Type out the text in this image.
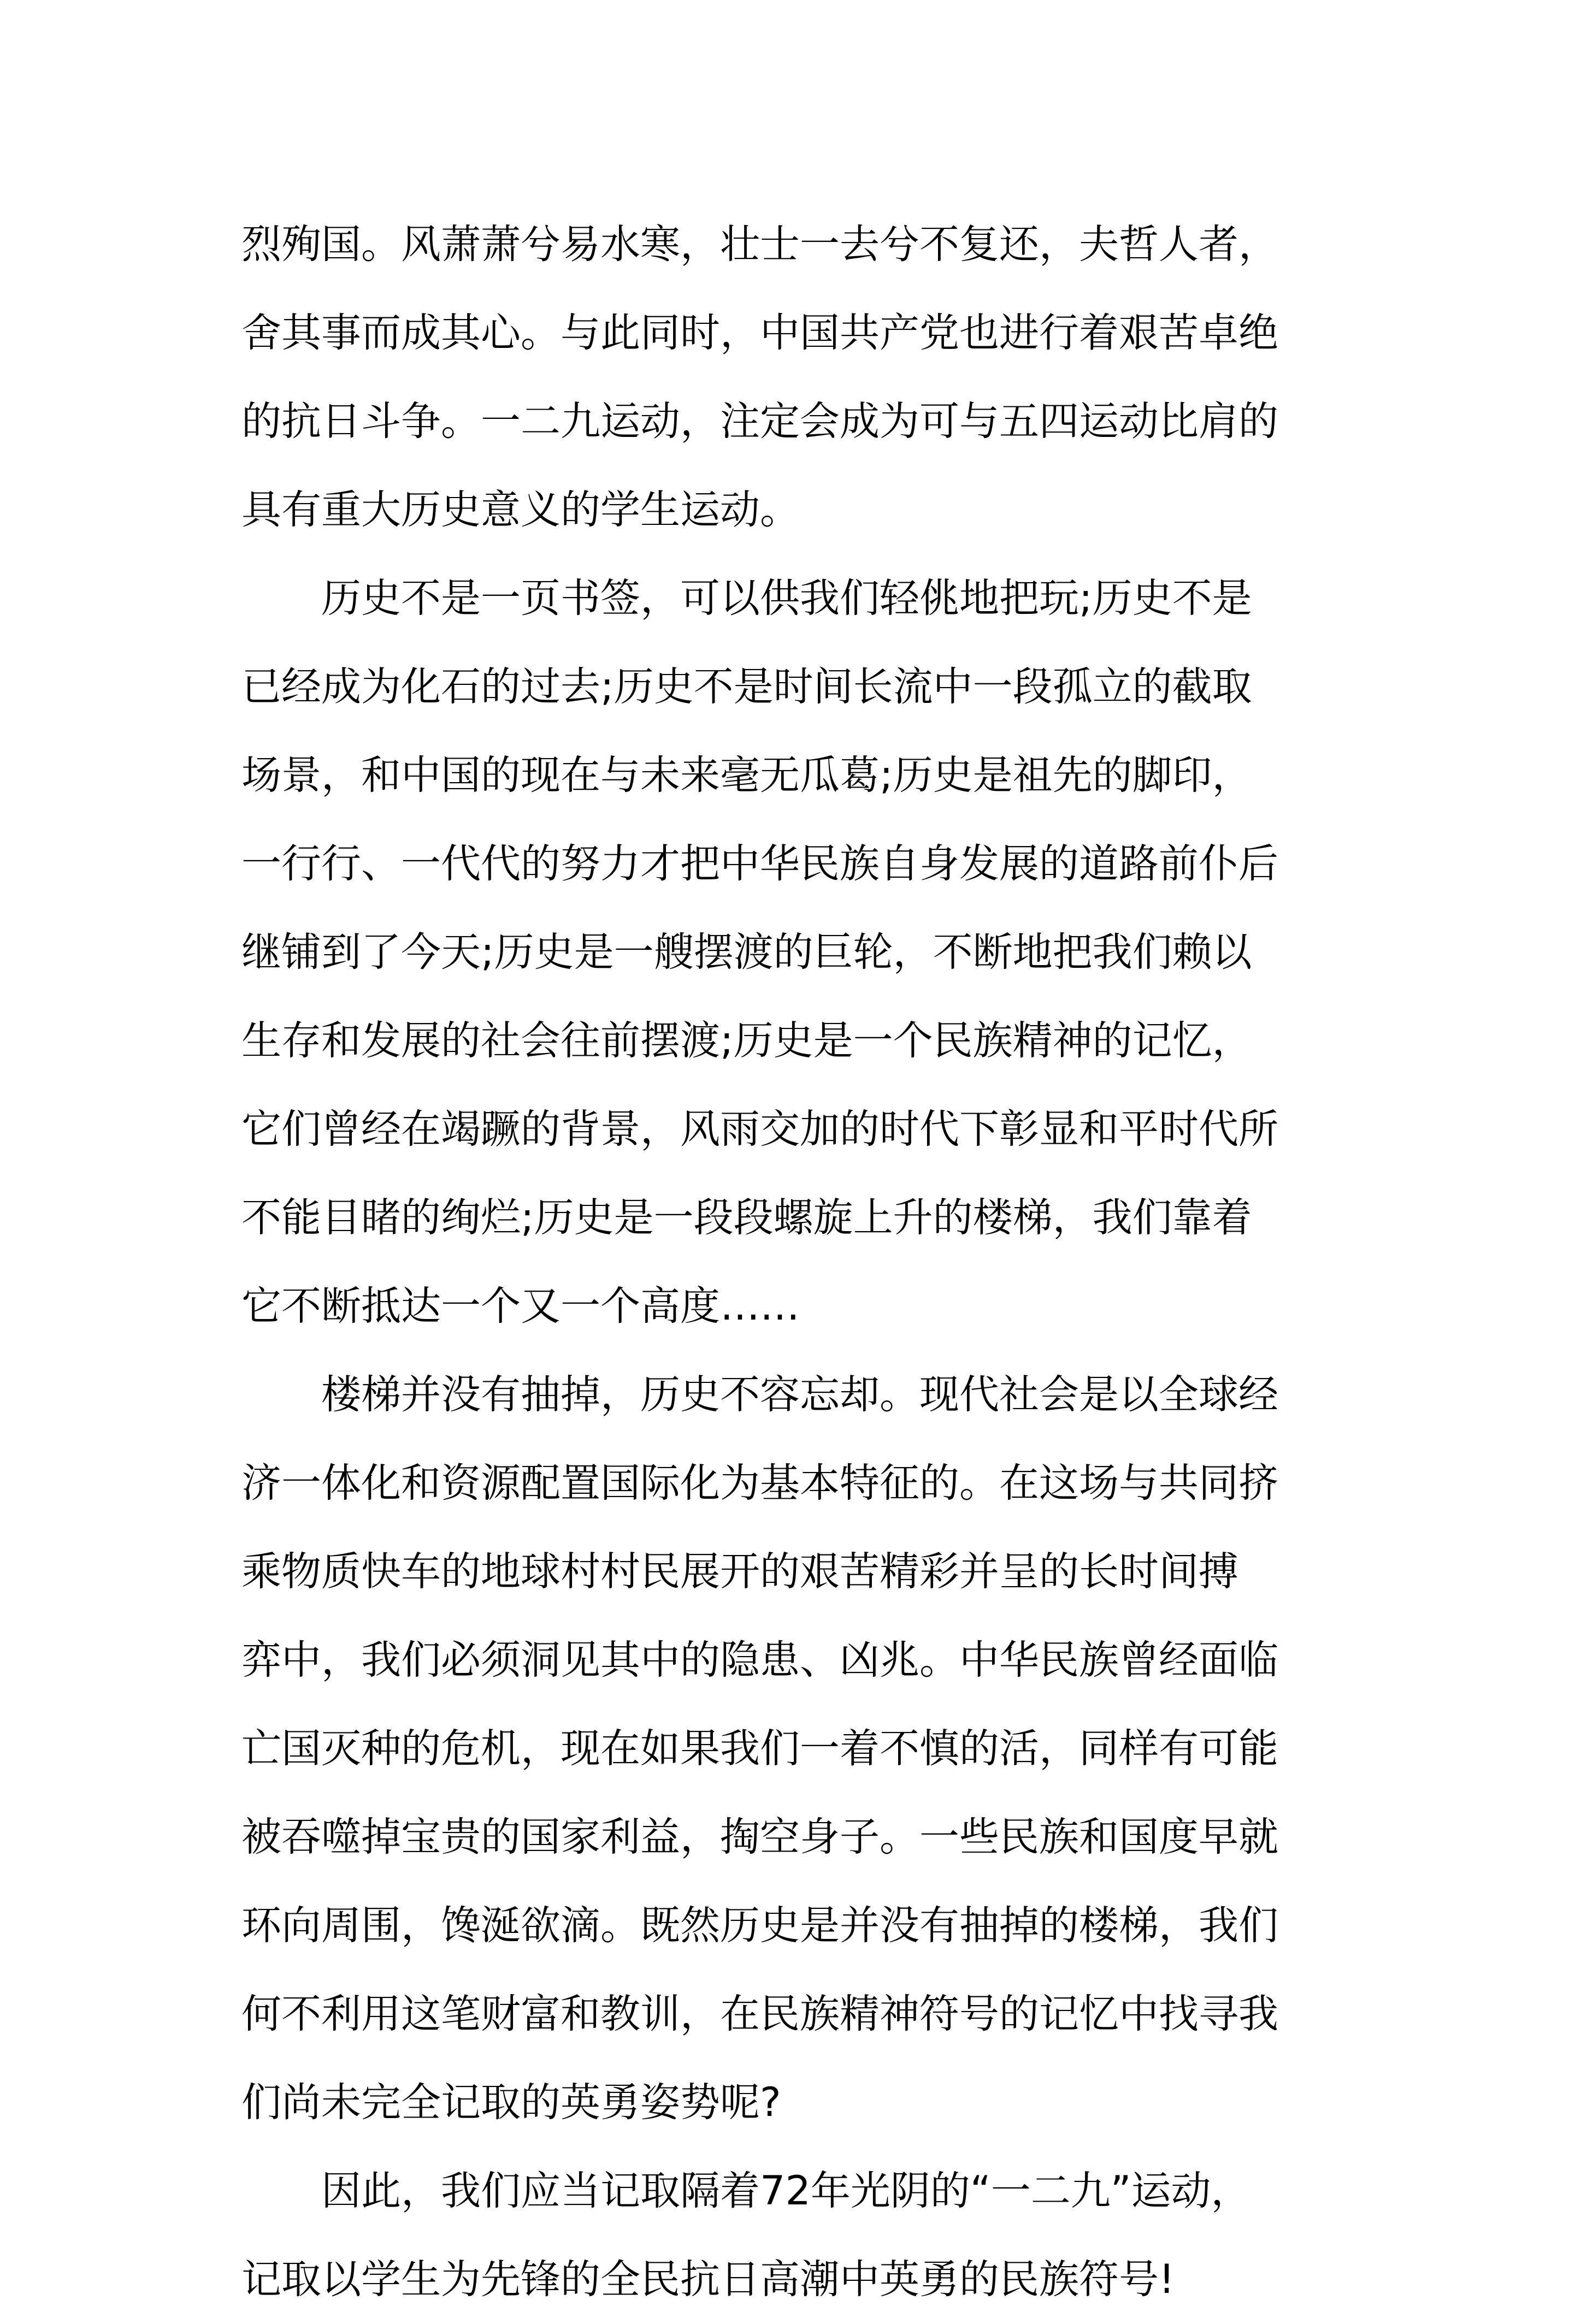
烈殉国。风萧萧兮易水寒，壮士一去兮不复还，夫哲人者，
舍其事而成其心。与此同时，中国共产党也进行着艰苦卓绝
的抗日斗争。一二九运动，注定会成为可与五四运动比肩的
具有重大历史意义的学生运动。
历史不是一页书签，可以供我们轻佻地把玩;历史不是
已经成为化石的过去;历史不是时间长流中一段孤立的截取
场景，和中国的现在与未来毫无瓜葛;历史是祖先的脚印，
一行行、一代代的努力才把中华民族自身发展的道路前仆后
继铺到了今天;历史是一艘摆渡的巨轮，不断地把我们赖以
生存和发展的社会往前摆渡;历史是一个民族精神的记忆，
它们曾经在竭蹶的背景，风雨交加的时代下彰显和平时代所
不能目睹的绚烂;历史是一段段螺旋上升的楼梯，我们靠着
它不断抵达一个又一个高度……
楼梯并没有抽掉，历史不容忘却。现代社会是以全球经
济一体化和资源配置国际化为基本特征的。在这场与共同挤
乘物质快车的地球村村民展开的艰苦精彩并呈的长时间搏
弈中，我们必须洞见其中的隐患、凶兆。中华民族曾经面临
亡国灭种的危机，现在如果我们一着不慎的活，同样有可能
被吞噬掉宝贵的国家利益，掏空身子。一些民族和国度早就
环向周围，馋涎欲滴。既然历史是并没有抽掉的楼梯，我们
何不利用这笔财富和教训，在民族精神符号的记忆中找寻我
们尚未完全记取的英勇姿势呢?
因此，我们应当记取隔着72年光阴的“一二九”运动，
记取以学生为先锋的全民抗日高潮中英勇的民族符号!
